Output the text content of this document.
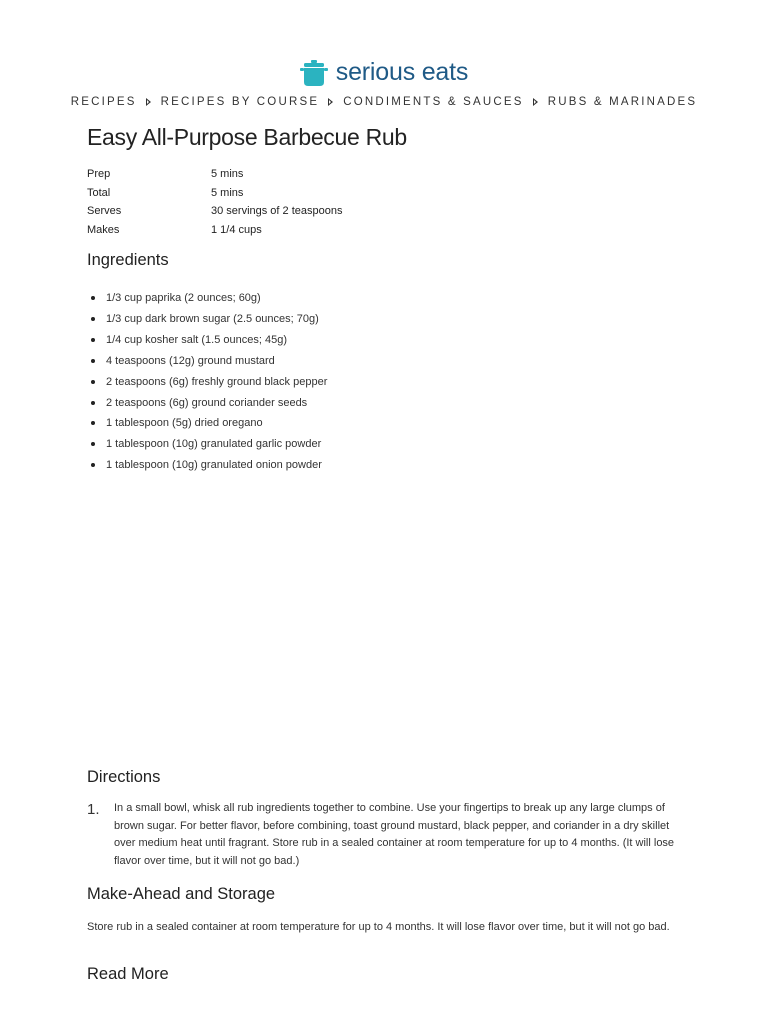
serious eats
RECIPES RECIPES BY COURSE CONDIMENTS & SAUCES RUBS & MARINADES
Easy All-Purpose Barbecue Rub
Prep	5 mins
Total	5 mins
Serves	30 servings of 2 teaspoons
Makes	1 1/4 cups
Ingredients
1/3 cup paprika (2 ounces; 60g)
1/3 cup dark brown sugar (2.5 ounces; 70g)
1/4 cup kosher salt (1.5 ounces; 45g)
4 teaspoons (12g) ground mustard
2 teaspoons (6g) freshly ground black pepper
2 teaspoons (6g) ground coriander seeds
1 tablespoon (5g) dried oregano
1 tablespoon (10g) granulated garlic powder
1 tablespoon (10g) granulated onion powder
Directions
1.	In a small bowl, whisk all rub ingredients together to combine. Use your fingertips to break up any large clumps of brown sugar. For better flavor, before combining, toast ground mustard, black pepper, and coriander in a dry skillet over medium heat until fragrant. Store rub in a sealed container at room temperature for up to 4 months. (It will lose flavor over time, but it will not go bad.)

Make-Ahead and Storage

Store rub in a sealed container at room temperature for up to 4 months. It will lose flavor over time, but it will not go bad.

Read More
